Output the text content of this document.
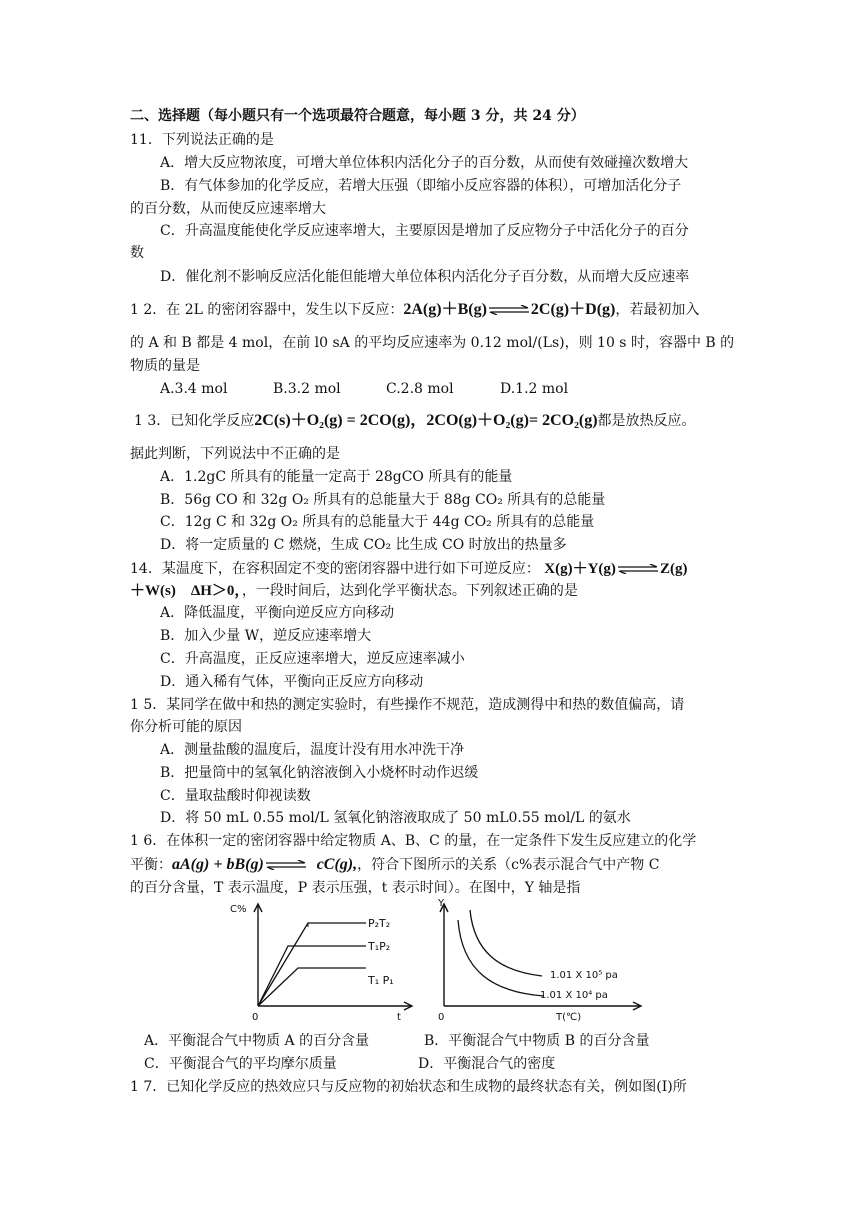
二、选择题（每小题只有一个选项最符合题意，每小题 3 分，共 24 分）
11．下列说法正确的是
A．增大反应物浓度，可增大单位体积内活化分子的百分数，从而使有效碰撞次数增大
B．有气体参加的化学反应，若增大压强（即缩小反应容器的体积），可增加活化分子
的百分数，从而使反应速率增大
C．升高温度能使化学反应速率增大，主要原因是增加了反应物分子中活化分子的百分
数
D．催化剂不影响反应活化能但能增大单位体积内活化分子百分数，从而增大反应速率
1 2．在 2L 的密闭容器中，发生以下反应：2A(g)＋B(g)⇌2C(g)＋D(g)，若最初加入
的 A 和 B 都是 4 mol，在前 l0 sA 的平均反应速率为 0.12 mol/(Ls)，则 10 s 时，容器中 B 的
物质的量是
A.3.4 mol	B.3.2 mol	C.2.8 mol	D.1.2 mol
1 3．已知化学反应2C(s)＋O₂(g) = 2CO(g)，2CO(g)＋O₂(g)= 2CO₂(g)都是放热反应。
据此判断，下列说法中不正确的是
A．1.2gC 所具有的能量一定高于 28gCO 所具有的能量
B．56g CO 和 32g O₂ 所具有的总能量大于 88g CO₂ 所具有的总能量
C．12g C 和 32g O₂ 所具有的总能量大于 44g CO₂ 所具有的总能量
D．将一定质量的 C 燃烧，生成 CO₂ 比生成 CO 时放出的热量多
14．某温度下，在容积固定不变的密闭容器中进行如下可逆反应： X(g)＋Y(g)⇌Z(g)
＋W(s)　ΔH＞0，，一段时间后，达到化学平衡状态。下列叙述正确的是
A．降低温度，平衡向逆反应方向移动
B．加入少量 W，逆反应速率增大
C．升高温度，正反应速率增大，逆反应速率减小
D．通入稀有气体，平衡向正反应方向移动
1 5．某同学在做中和热的测定实验时，有些操作不规范，造成测得中和热的数值偏高，请
你分析可能的原因
A．测量盐酸的温度后，温度计没有用水冲洗干净
B．把量筒中的氢氧化钠溶液倒入小烧杯时动作迟缓
C．量取盐酸时仰视读数
D．将 50 mL 0.55 mol/L 氢氧化钠溶液取成了 50 mL0.55 mol/L 的氨水
1 6．在体积一定的密闭容器中给定物质 A、B、C 的量，在一定条件下发生反应建立的化学
平衡：aA(g) + bB(g)⇌ cC(g),，符合下图所示的关系（c%表示混合气中产物 C
的百分含量，T 表示温度，P 表示压强，t 表示时间）。在图中，Y 轴是指
C%
t
0
P₂T₂
T₁P₂
T₁ P₁
Y
T(℃)
0
1.01 X 10⁵ pa
1.01 X 10⁴ pa
A．平衡混合气中物质 A 的百分含量	B．平衡混合气中物质 B 的百分含量
C．平衡混合气的平均摩尔质量	D．平衡混合气的密度
1 7．已知化学反应的热效应只与反应物的初始状态和生成物的最终状态有关，例如图(I)所
